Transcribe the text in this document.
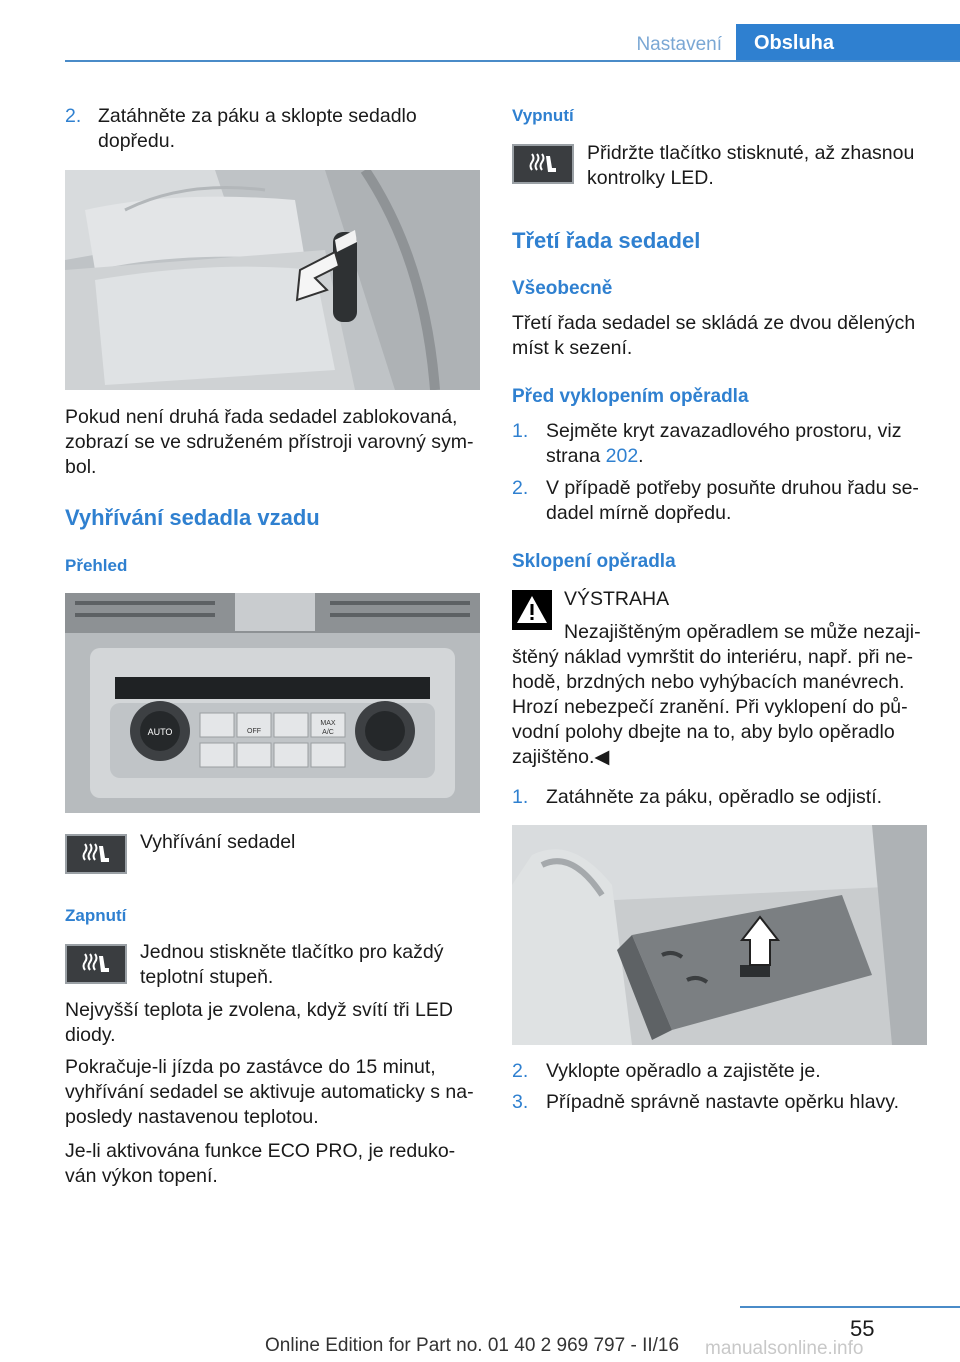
Nastavení	Obsluha
2. Zatáhněte za páku a sklopte sedadlo dopředu.
Pokud není druhá řada sedadel zablokovaná, zobrazí se ve sdruženém přístroji varovný sym‐bol.
Vyhřívání sedadla vzadu
Přehled
AUTO	OFF
MAX
A/C
Vyhřívání sedadel
Zapnutí
Jednou stiskněte tlačítko pro každý teplotní stupeň.
Nejvyšší teplota je zvolena, když svítí tři LED diody.
Pokračuje-li jízda po zastávce do 15 minut, vyhřívání sedadel se aktivuje automaticky s na‐posledy nastavenou teplotou.
Je-li aktivována funkce ECO PRO, je reduko‐ván výkon topení.
Vypnutí
Přidržte tlačítko stisknuté, až zhasnou kontrolky LED.
Třetí řada sedadel
Všeobecně
Třetí řada sedadel se skládá ze dvou dělených míst k sezení.
Před vyklopením opěradla
1. Sejměte kryt zavazadlového prostoru, viz strana 202.
2. V případě potřeby posuňte druhou řadu se‐dadel mírně dopředu.
Sklopení opěradla
VÝSTRAHA
Nezajištěným opěradlem se může nezaji‐
štěný náklad vymrštit do interiéru, např. při ne‐hodě, brzdných nebo vyhýbacích manévrech. Hrozí nebezpečí zranění. Při vyklopení do pů‐vodní polohy dbejte na to, aby bylo opěradlo zajištěno.◀
1. Zatáhněte za páku, opěradlo se odjistí.
2. Vyklopte opěradlo a zajistěte je.
3. Případně správně nastavte opěrku hlavy.
55
Online Edition for Part no. 01 40 2 969 797 - II/16 manualsonline.info
